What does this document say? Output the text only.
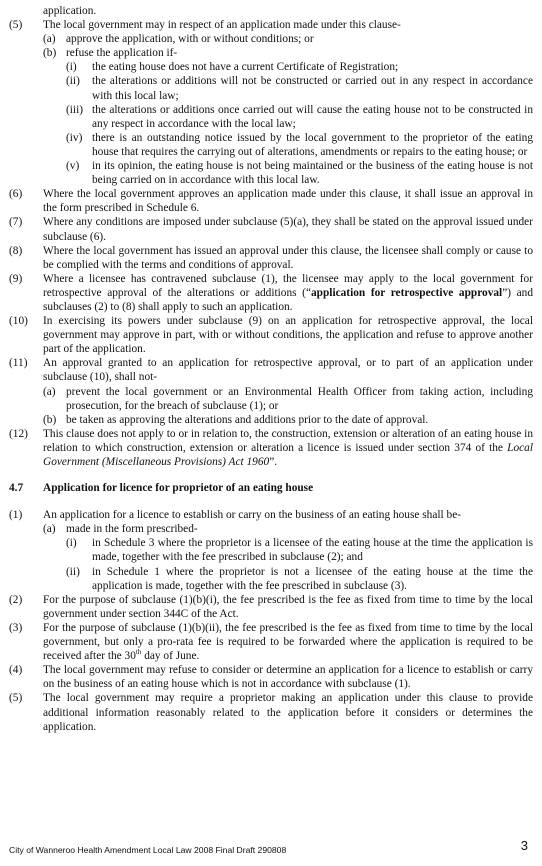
application.
(5)	The local government may in respect of an application made under this clause-
(a) approve the application, with or without conditions; or
(b) refuse the application if-
(i)	the eating house does not have a current Certificate of Registration;
(ii)	the alterations or additions will not be constructed or carried out in any respect in accordance with this local law;
(iii) the alterations or additions once carried out will cause the eating house not to be constructed in any respect in accordance with the local law;
(iv) there is an outstanding notice issued by the local government to the proprietor of the eating house that requires the carrying out of alterations, amendments or repairs to the eating house; or
(v)	in its opinion, the eating house is not being maintained or the business of the eating house is not being carried on in accordance with this local law.
(6)	Where the local government approves an application made under this clause, it shall issue an approval in the form prescribed in Schedule 6.
(7)	Where any conditions are imposed under subclause (5)(a), they shall be stated on the approval issued under subclause (6).
(8)	Where the local government has issued an approval under this clause, the licensee shall comply or cause to be complied with the terms and conditions of approval.
(9)	Where a licensee has contravened subclause (1), the licensee may apply to the local government for retrospective approval of the alterations or additions (“application for retrospective approval”) and subclauses (2) to (8) shall apply to such an application.
(10)	In exercising its powers under subclause (9) on an application for retrospective approval, the local government may approve in part, with or without conditions, the application and refuse to approve another part of the application.
(11)	An approval granted to an application for retrospective approval, or to part of an application under subclause (10), shall not-
(a) prevent the local government or an Environmental Health Officer from taking action, including prosecution, for the breach of subclause (1); or
(b) be taken as approving the alterations and additions prior to the date of approval.
(12)	This clause does not apply to or in relation to, the construction, extension or alteration of an eating house in relation to which construction, extension or alteration a licence is issued under section 374 of the Local Government (Miscellaneous Provisions) Act 1960”.
4.7	Application for licence for proprietor of an eating house
(1)	An application for a licence to establish or carry on the business of an eating house shall be-
(a) made in the form prescribed-
(i)	in Schedule 3 where the proprietor is a licensee of the eating house at the time the application is made, together with the fee prescribed in subclause (2); and
(ii)	in Schedule 1 where the proprietor is not a licensee of the eating house at the time the application is made, together with the fee prescribed in subclause (3).
(2)	For the purpose of subclause (1)(b)(i), the fee prescribed is the fee as fixed from time to time by the local government under section 344C of the Act.
(3)	For the purpose of subclause (1)(b)(ii), the fee prescribed is the fee as fixed from time to time by the local government, but only a pro-rata fee is required to be forwarded where the application is required to be received after the 30th day of June.
(4)	The local government may refuse to consider or determine an application for a licence to establish or carry on the business of an eating house which is not in accordance with subclause (1).
(5)	The local government may require a proprietor making an application under this clause to provide additional information reasonably related to the application before it considers or determines the application.
City of Wanneroo Health Amendment Local Law 2008 Final Draft 290808	3
